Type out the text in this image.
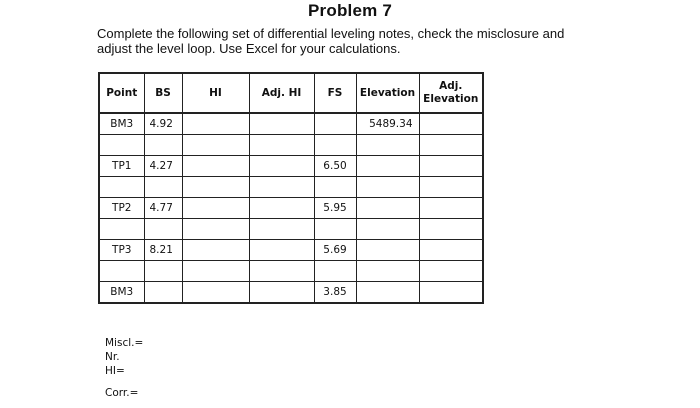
Problem 7
Complete the following set of differential leveling notes, check the misclosure and
adjust the level loop. Use Excel for your calculations.
Point	BS	HI	Adj. HI	FS	Elevation	Adj.
Elevation

BM3	4.92				5489.34	

TP1	4.27			6.50		

TP2	4.77			5.95		

TP3	8.21			5.69		

BM3				3.85		
Miscl.=
Nr.
HI=
Corr.=
